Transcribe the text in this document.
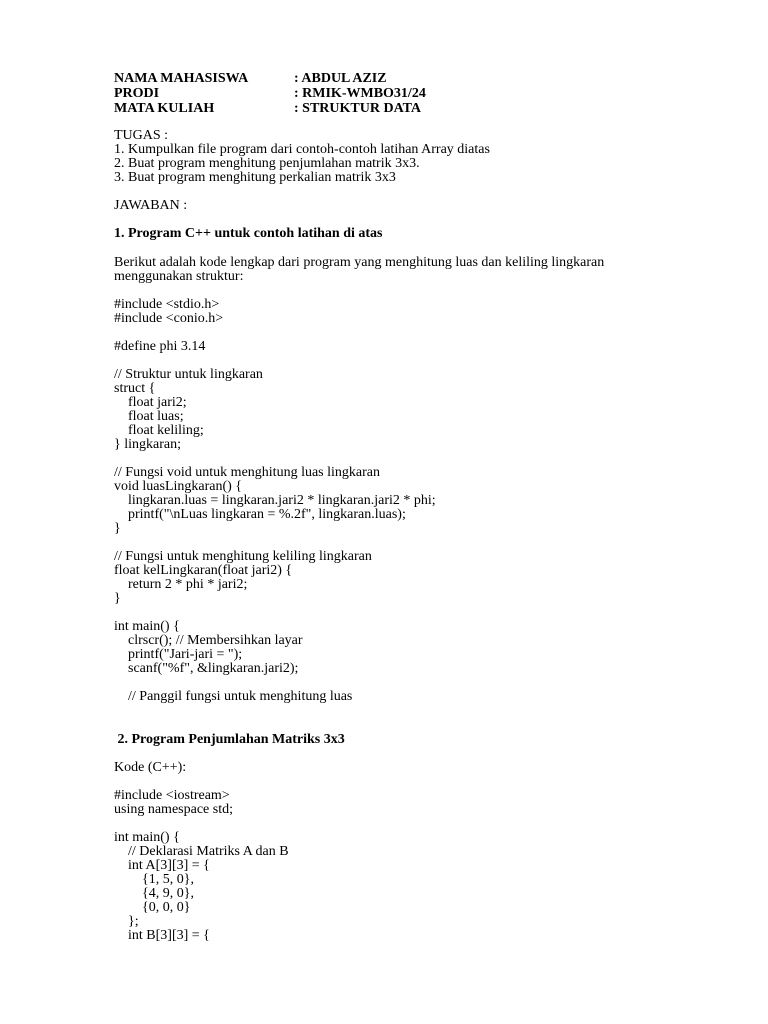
NAMA MAHASISWA	: ABDUL AZIZ
PRODI	: RMIK-WMBO31/24
MATA KULIAH	: STRUKTUR DATA
TUGAS :
1. Kumpulkan file program dari contoh-contoh latihan Array diatas
2. Buat program menghitung penjumlahan matrik 3x3.
3. Buat program menghitung perkalian matrik 3x3
JAWABAN :
1. Program C++ untuk contoh latihan di atas
Berikut adalah kode lengkap dari program yang menghitung luas dan keliling lingkaran
menggunakan struktur:
#include <stdio.h>
#include <conio.h>
#define phi 3.14
// Struktur untuk lingkaran
struct {
float jari2;
float luas;
float keliling;
} lingkaran;
// Fungsi void untuk menghitung luas lingkaran
void luasLingkaran() {
lingkaran.luas = lingkaran.jari2 * lingkaran.jari2 * phi;
printf("\nLuas lingkaran = %.2f", lingkaran.luas);
}
// Fungsi untuk menghitung keliling lingkaran
float kelLingkaran(float jari2) {
return 2 * phi * jari2;
}
int main() {
clrscr(); // Membersihkan layar
printf("Jari-jari = ");
scanf("%f", &lingkaran.jari2);
// Panggil fungsi untuk menghitung luas
2. Program Penjumlahan Matriks 3x3
Kode (C++):
#include <iostream>
using namespace std;
int main() {
// Deklarasi Matriks A dan B
int A[3][3] = {
{1, 5, 0},
{4, 9, 0},
{0, 0, 0}
};
int B[3][3] = {
